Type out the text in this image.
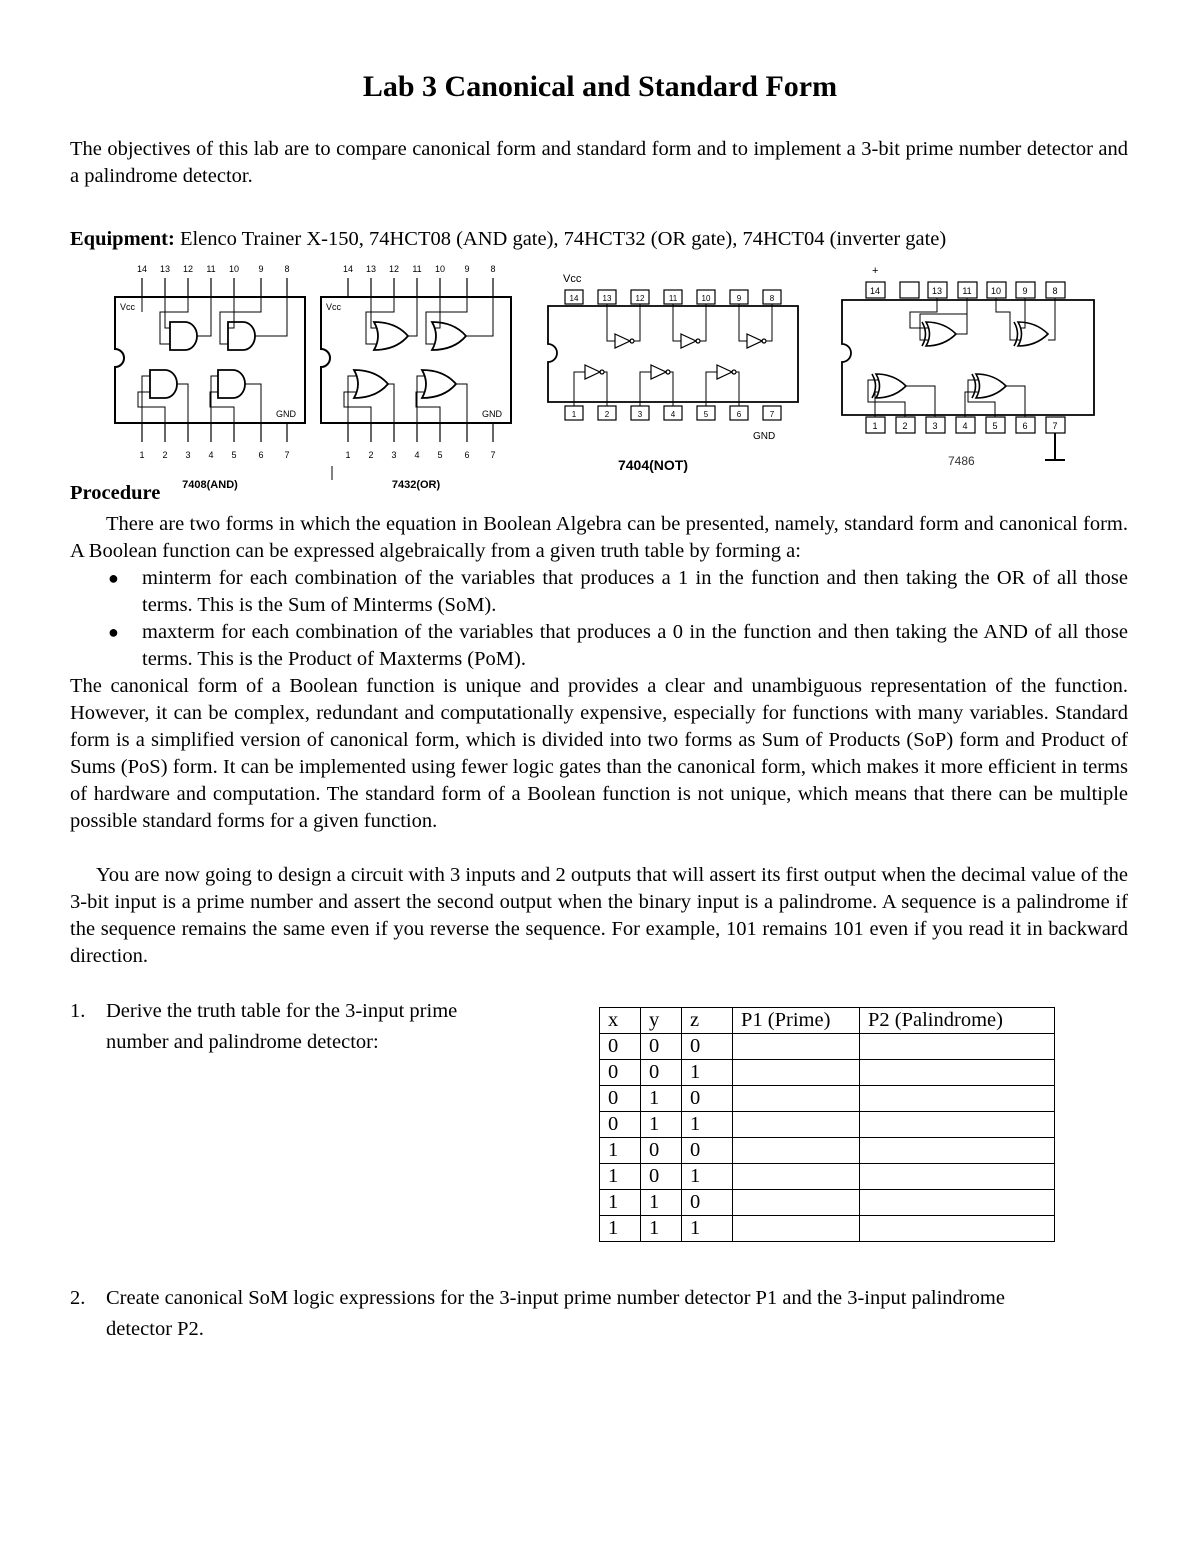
Lab 3 Canonical and Standard Form
The objectives of this lab are to compare canonical form and standard form and to implement a 3-bit prime number detector and a palindrome detector.
Equipment: Elenco Trainer X-150, 74HCT08 (AND gate), 74HCT32 (OR gate), 74HCT04 (inverter gate)
14 13 12 11 10 9 8
1 2 3 4 5 6 7
Vcc
GND
7408(AND)
14 13 12 11 10 9 8
1 2 3 4 5 6 7
Vcc
GND
7432(OR)
Vcc
14	13	12	11	10	9	8
1	2	3	4	5	6	7
GND
7404(NOT)
+
14	13 11 10 9	8
1	2	3	4	5	6	7
7486
Procedure
There are two forms in which the equation in Boolean Algebra can be presented, namely, standard form and canonical form. A Boolean function can be expressed algebraically from a given truth table by forming a:
● minterm for each combination of the variables that produces a 1 in the function and then taking the OR of all those terms. This is the Sum of Minterms (SoM).
● maxterm for each combination of the variables that produces a 0 in the function and then taking the AND of all those terms. This is the Product of Maxterms (PoM).
The canonical form of a Boolean function is unique and provides a clear and unambiguous representation of the function. However, it can be complex, redundant and computationally expensive, especially for functions with many variables. Standard form is a simplified version of canonical form, which is divided into two forms as Sum of Products (SoP) form and Product of Sums (PoS) form. It can be implemented using fewer logic gates than the canonical form, which makes it more efficient in terms of hardware and computation. The standard form of a Boolean function is not unique, which means that there can be multiple possible standard forms for a given function.
You are now going to design a circuit with 3 inputs and 2 outputs that will assert its first output when the decimal value of the 3-bit input is a prime number and assert the second output when the binary input is a palindrome. A sequence is a palindrome if the sequence remains the same even if you reverse the sequence. For example, 101 remains 101 even if you read it in backward direction.
1. Derive the truth table for the 3-input prime number and palindrome detector:
x	y	z	P1 (Prime)	P2 (Palindrome)
0	0	0		
0	0	1		
0	1	0		
0	1	1		
1	0	0		
1	0	1		
1	1	0		
1	1	1		
2. Create canonical SoM logic expressions for the 3-input prime number detector P1 and the 3-input palindrome detector P2.
